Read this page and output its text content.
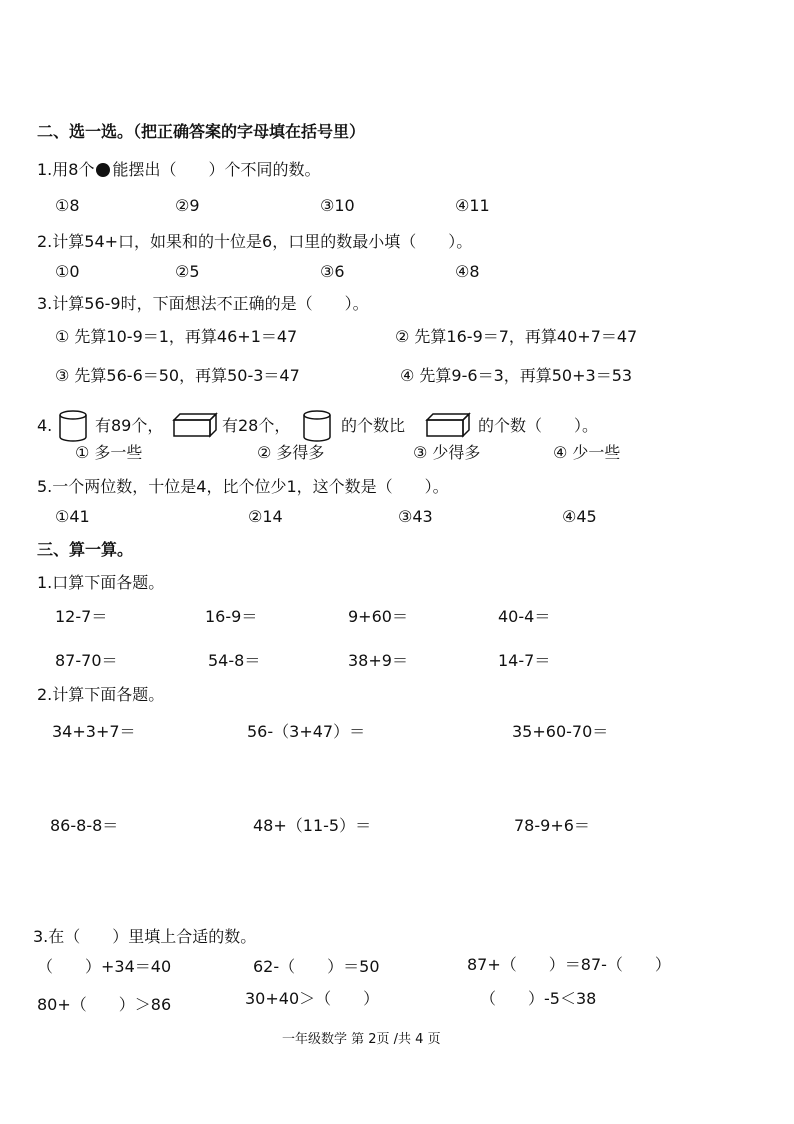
二、选一选。（把正确答案的字母填在括号里）
1.用8个 能摆出（　　）个不同的数。
①8	②9	③10	④11
2.计算54+口，如果和的十位是6，口里的数最小填（　　）。
①0	②5	③6	④8
3.计算56-9时，下面想法不正确的是（　　）。
① 先算10-9＝1，再算46+1＝47	② 先算16-9＝7，再算40+7＝47
③ 先算56-6＝50，再算50-3＝47	④ 先算9-6＝3，再算50+3＝53
4.	有89个，	有28个，	的个数比	的个数（　　）。
① 多一些	② 多得多	③ 少得多	④ 少一些
5.一个两位数，十位是4，比个位少1，这个数是（　　）。
①41	②14	③43	④45
三、算一算。
1.口算下面各题。
12-7＝	16-9＝	9+60＝	40-4＝
87-70＝	54-8＝	38+9＝	14-7＝
2.计算下面各题。
34+3+7＝	56-（3+47）＝	35+60-70＝
86-8-8＝	48+（11-5）＝	78-9+6＝
3.在（　　）里填上合适的数。
（　　）+34＝40	62-（　　）＝50	87+（　　）＝87-（　　）
80+（　　）＞86	30+40＞（　　）	（　　）-5＜38
一年级数学 第 2页 /共 4 页
